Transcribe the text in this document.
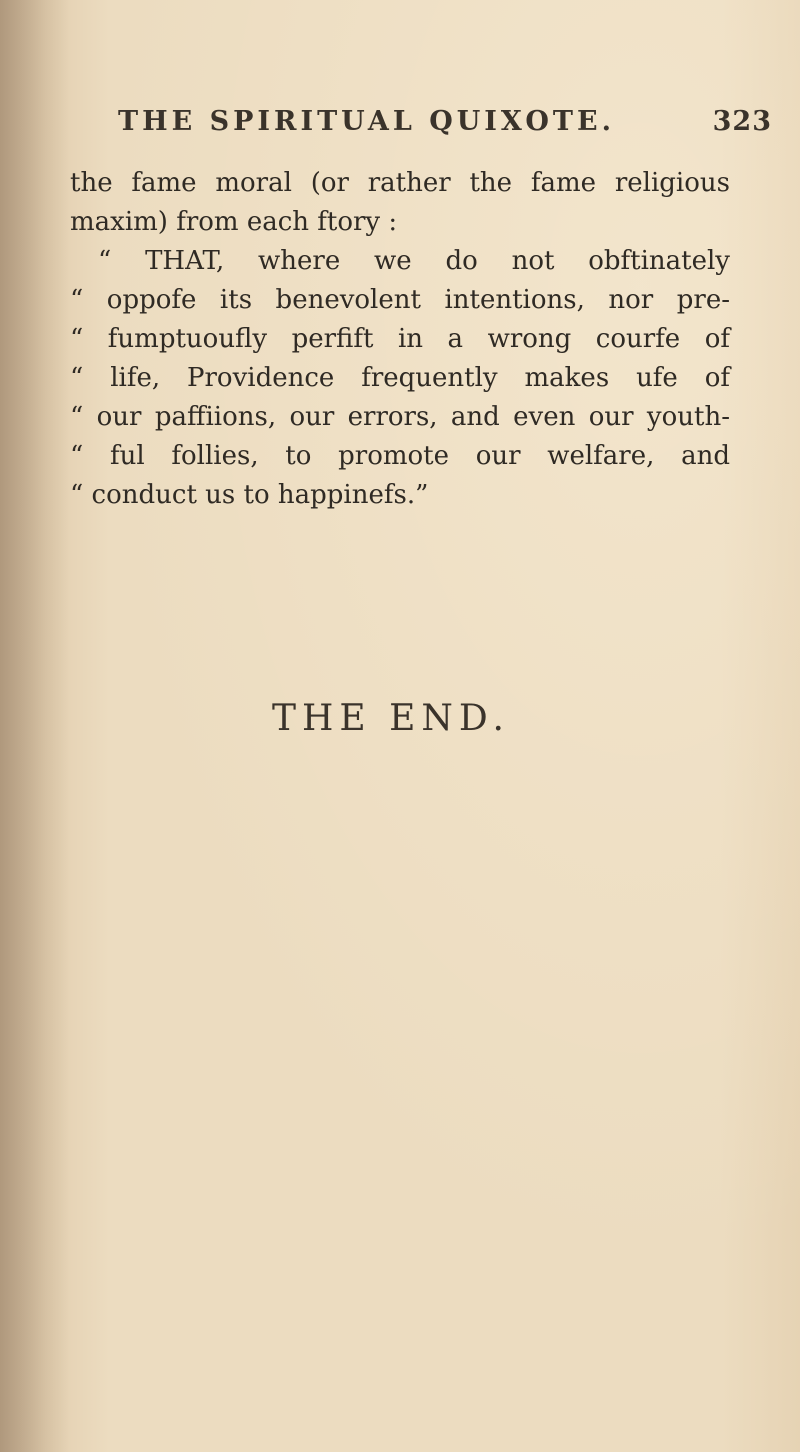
THE SPIRITUAL QUIXOTE.	323
the fame moral (or rather the fame religious
maxim) from each ftory :
“ THAT, where we do not obftinately
“ oppofe its benevolent intentions, nor pre-
“ fumptuoufly perfift in a wrong courfe of
“ life, Providence frequently makes ufe of
“ our paffiions, our errors, and even our youth-
“ ful follies, to promote our welfare, and
“ conduct us to happinefs.”
THE END.
